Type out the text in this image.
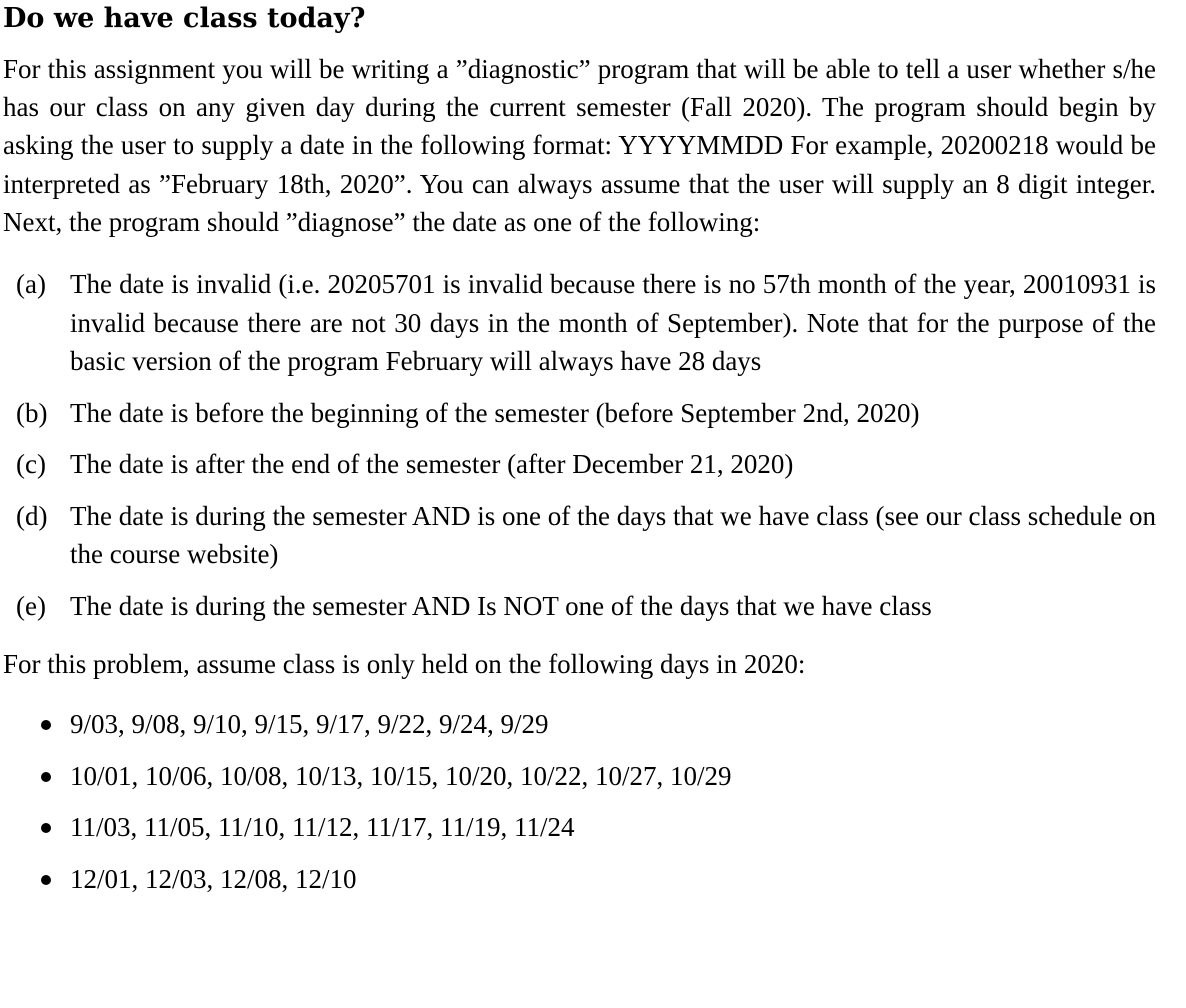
Do we have class today?

For this assignment you will be writing a ”diagnostic” program that will be able to tell a user whether s/he has our class on any given day during the current semester (Fall 2020). The program should begin by asking the user to supply a date in the following format: YYYYMMDD For example, 20200218 would be interpreted as ”February 18th, 2020”. You can always assume that the user will supply an 8 digit integer. Next, the program should ”diagnose” the date as one of the following:

(a) The date is invalid (i.e. 20205701 is invalid because there is no 57th month of the year, 20010931 is invalid because there are not 30 days in the month of September). Note that for the purpose of the basic version of the program February will always have 28 days
(b) The date is before the beginning of the semester (before September 2nd, 2020)
(c) The date is after the end of the semester (after December 21, 2020)
(d) The date is during the semester AND is one of the days that we have class (see our class schedule on the course website)
(e) The date is during the semester AND Is NOT one of the days that we have class

For this problem, assume class is only held on the following days in 2020:

9/03, 9/08, 9/10, 9/15, 9/17, 9/22, 9/24, 9/29
10/01, 10/06, 10/08, 10/13, 10/15, 10/20, 10/22, 10/27, 10/29
11/03, 11/05, 11/10, 11/12, 11/17, 11/19, 11/24
12/01, 12/03, 12/08, 12/10
